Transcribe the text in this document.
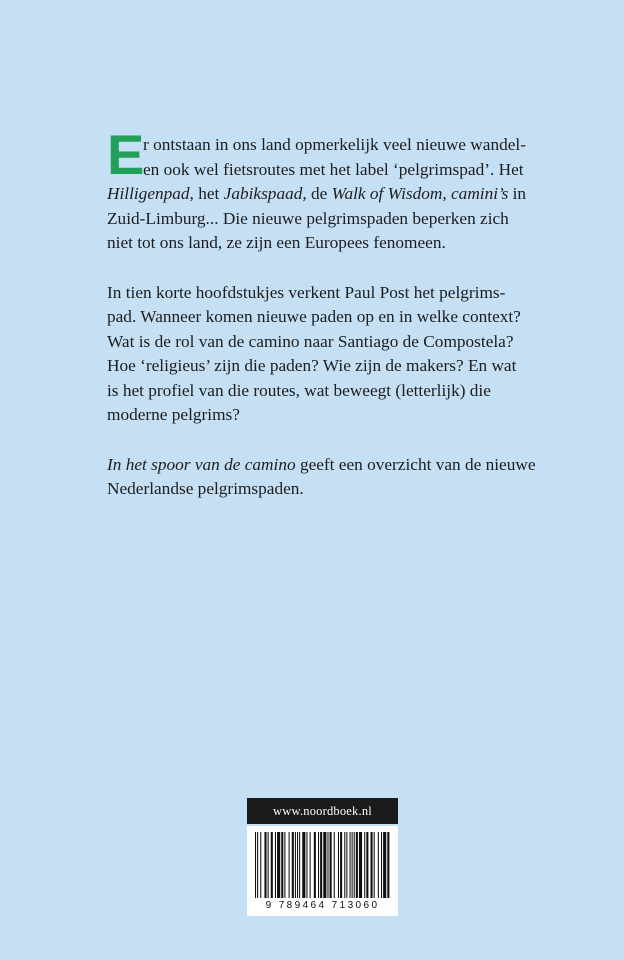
E r ontstaan in ons land opmerkelijk veel nieuwe wandel-
en ook wel fietsroutes met het label ‘pelgrimspad’. Het
Hilligenpad, het Jabikspaad, de Walk of Wisdom, camini’s in
Zuid-Limburg... Die nieuwe pelgrimspaden beperken zich
niet tot ons land, ze zijn een Europees fenomeen.
In tien korte hoofdstukjes verkent Paul Post het pelgrims-
pad. Wanneer komen nieuwe paden op en in welke context?
Wat is de rol van de camino naar Santiago de Compostela?
Hoe ‘religieus’ zijn die paden? Wie zijn de makers? En wat
is het profiel van die routes, wat beweegt (letterlijk) die
moderne pelgrims?
In het spoor van de camino geeft een overzicht van de nieuwe
Nederlandse pelgrimspaden.
www.noordboek.nl
9 789464 713060
